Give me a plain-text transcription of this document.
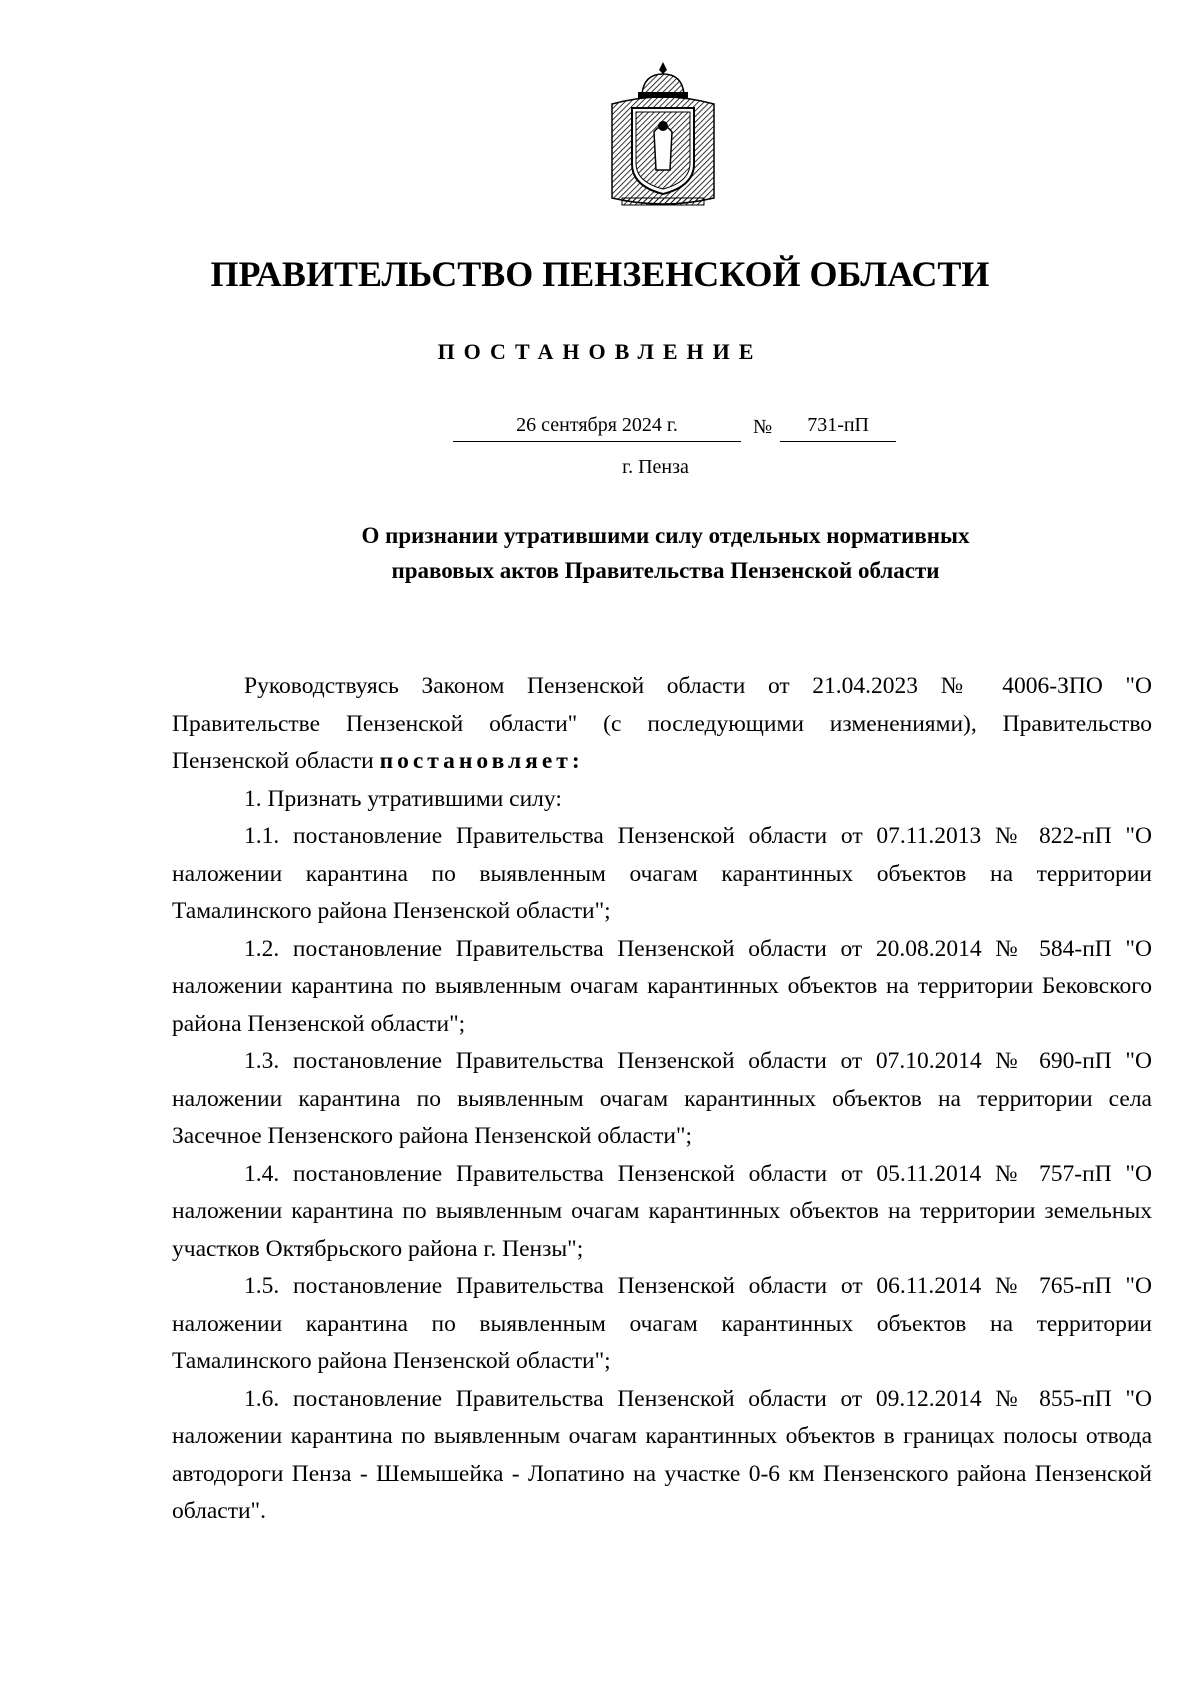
ПРАВИТЕЛЬСТВО ПЕНЗЕНСКОЙ ОБЛАСТИ
ПОСТАНОВЛЕНИЕ
26 сентября 2024 г.	№	731-пП

г. Пенза

О признании утратившими силу отдельных нормативных
правовых актов Правительства Пензенской области

Руководствуясь Законом Пензенской области от 21.04.2023 № 4006-ЗПО "О Правительстве Пензенской области" (с последующими изменениями), Правительство Пензенской области постановляет:

1. Признать утратившими силу:

1.1. постановление Правительства Пензенской области от 07.11.2013 № 822-пП "О наложении карантина по выявленным очагам карантинных объектов на территории Тамалинского района Пензенской области";

1.2. постановление Правительства Пензенской области от 20.08.2014 № 584-пП "О наложении карантина по выявленным очагам карантинных объектов на территории Бековского района Пензенской области";

1.3. постановление Правительства Пензенской области от 07.10.2014 № 690-пП "О наложении карантина по выявленным очагам карантинных объектов на территории села Засечное Пензенского района Пензенской области";

1.4. постановление Правительства Пензенской области от 05.11.2014 № 757-пП "О наложении карантина по выявленным очагам карантинных объектов на территории земельных участков Октябрьского района г. Пензы";

1.5. постановление Правительства Пензенской области от 06.11.2014 № 765-пП "О наложении карантина по выявленным очагам карантинных объектов на территории Тамалинского района Пензенской области";

1.6. постановление Правительства Пензенской области от 09.12.2014 № 855-пП "О наложении карантина по выявленным очагам карантинных объектов в границах полосы отвода автодороги Пенза - Шемышейка - Лопатино на участке 0-6 км Пензенского района Пензенской области".
